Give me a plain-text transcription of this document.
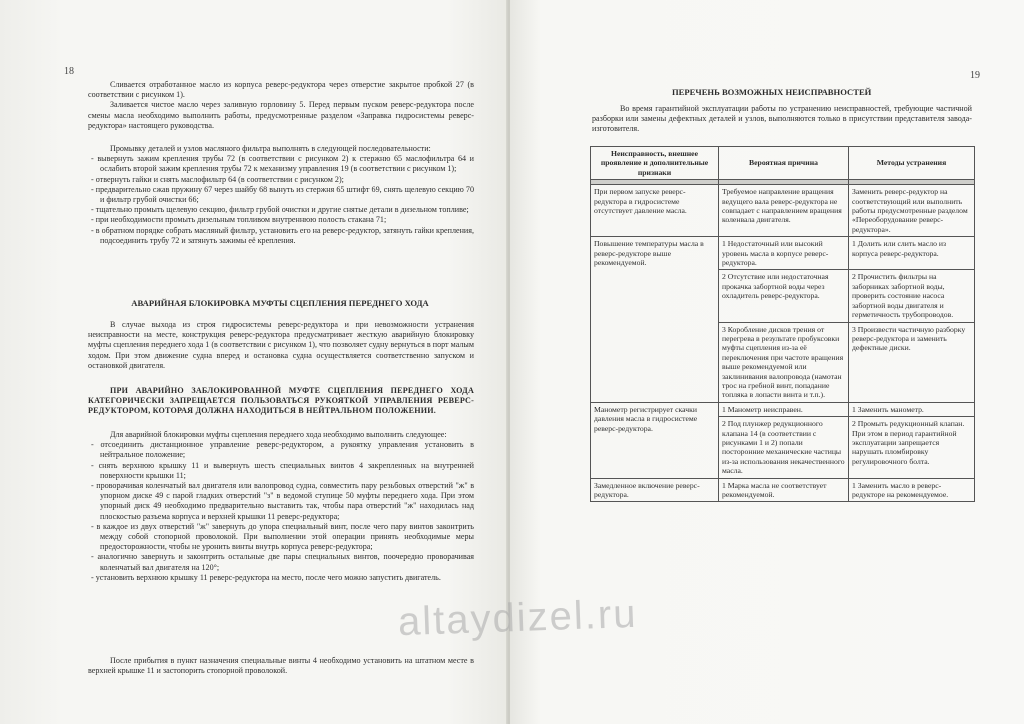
18

Сливается отработанное масло из корпуса реверс-редуктора через отверстие закрытое пробкой 27 (в соответствии с рисунком 1).

Заливается чистое масло через заливную горловину 5. Перед первым пуском реверс-редуктора после смены масла необходимо выполнить работы, предусмотренные разделом «Заправка гидросистемы реверс-редуктора» настоящего руководства.

Промывку деталей и узлов масляного фильтра выполнять в следующей последовательности:

- вывернуть зажим крепления трубы 72 (в соответствии с рисунком 2) к стержню 65 маслофильтра 64 и ослабить второй зажим крепления трубы 72 к механизму управления 19 (в соответствии с рисунком 1);
- отвернуть гайки и снять маслофильтр 64 (в соответствии с рисунком 2);
- предварительно сжав пружину 67 через шайбу 68 вынуть из стержня 65 штифт 69, снять щелевую секцию 70 и фильтр грубой очистки 66;
- тщательно промыть щелевую секцию, фильтр грубой очистки и другие снятые детали в дизельном топливе;
- при необходимости промыть дизельным топливом внутреннюю полость стакана 71;
- в обратном порядке собрать масляный фильтр, установить его на реверс-редуктор, затянуть гайки крепления, подсоединить трубу 72 и затянуть зажимы её крепления.
АВАРИЙНАЯ БЛОКИРОВКА МУФТЫ СЦЕПЛЕНИЯ ПЕРЕДНЕГО ХОДА

В случае выхода из строя гидросистемы реверс-редуктора и при невозможности устранения неисправности на месте, конструкция реверс-редуктора предусматривает жесткую аварийную блокировку муфты сцепления переднего хода 1 (в соответствии с рисунком 1), что позволяет судну вернуться в порт малым ходом. При этом движение судна вперед и остановка судна осуществляется соответственно запуском и остановкой двигателя.

ПРИ АВАРИЙНО ЗАБЛОКИРОВАННОЙ МУФТЕ СЦЕПЛЕНИЯ ПЕРЕДНЕГО ХОДА КАТЕГОРИЧЕСКИ ЗАПРЕЩАЕТСЯ ПОЛЬЗОВАТЬСЯ РУКОЯТКОЙ УПРАВЛЕНИЯ РЕВЕРС-РЕДУКТОРОМ, КОТОРАЯ ДОЛЖНА НАХОДИТЬСЯ В НЕЙТРАЛЬНОМ ПОЛОЖЕНИИ.

Для аварийной блокировки муфты сцепления переднего хода необходимо выполнить следующее:

- отсоединить дистанционное управление реверс-редуктором, а рукоятку управления установить в нейтральное положение;
- снять верхнюю крышку 11 и вывернуть шесть специальных винтов 4 закрепленных на внутренней поверхности крышки 11;
- проворачивая коленчатый вал двигателя или валопровод судна, совместить пару резьбовых отверстий "ж" в упорном диске 49 с парой гладких отверстий "з" в ведомой ступице 50 муфты переднего хода. При этом упорный диск 49 необходимо предварительно выставить так, чтобы пара отверстий "ж" находилась над плоскостью разъема корпуса и верхней крышки 11 реверс-редуктора;
- в каждое из двух отверстий "ж" завернуть до упора специальный винт, после чего пару винтов законтрить между собой стопорной проволокой. При выполнении этой операции принять необходимые меры предосторожности, чтобы не уронить винты внутрь корпуса реверс-редуктора;
- аналогично завернуть и законтрить остальные две пары специальных винтов, поочередно проворачивая коленчатый вал двигателя на 120°;
- установить верхнюю крышку 11 реверс-редуктора на место, после чего можно запустить двигатель.

После прибытия в пункт назначения специальные винты 4 необходимо установить на штатном месте в верхней крышке 11 и застопорить стопорной проволокой.

19
ПЕРЕЧЕНЬ ВОЗМОЖНЫХ НЕИСПРАВНОСТЕЙ

Во время гарантийной эксплуатации работы по устранению неисправностей, требующие частичной разборки или замены дефектных деталей и узлов, выполняются только в присутствии представителя завода-изготовителя.

Неисправность, внешнее проявление и дополнительные признаки	Вероятная причина	Методы устранения

При первом запуске реверс-редуктора в гидросистеме отсутствует давление масла.	Требуемое направление вращения ведущего вала реверс-редуктора не совпадает с направлением вращения коленвала двигателя.	Заменить реверс-редуктор на соответствующий или выполнить работы предусмотренные разделом «Переоборудование реверс-редуктора».
Повышение температуры масла в реверс-редукторе выше рекомендуемой.	1 Недостаточный или высокий уровень масла в корпусе реверс-редуктора.	1 Долить или слить масло из корпуса реверс-редуктора.
	2 Отсутствие или недостаточная прокачка забортной воды через охладитель реверс-редуктора.	2 Прочистить фильтры на заборниках забортной воды, проверить состояние насоса забортной воды двигателя и герметичность трубопроводов.
	3 Коробление дисков трения от перегрева в результате пробуксовки муфты сцепления из-за её переключения при частоте вращения выше рекомендуемой или заклинивания валопровода (намотан трос на гребной винт, попадание топляка в лопасти винта и т.п.).	3 Произвести частичную разборку реверс-редуктора и заменить дефектные диски.
Манометр регистрирует скачки давления масла в гидросистеме реверс-редуктора.	1 Манометр неисправен.	1 Заменить манометр.
	2 Под плунжер редукционного клапана 14 (в соответствии с рисунками 1 и 2) попали посторонние механические частицы из-за использования некачественного масла.	2 Промыть редукционный клапан. При этом в период гарантийной эксплуатации запрещается нарушать пломбировку регулировочного болта.
Замедленное включение реверс-редуктора.	1 Марка масла не соответствует рекомендуемой.	1 Заменить масло в реверс-редукторе на рекомендуемое.
altaydizel.ru
